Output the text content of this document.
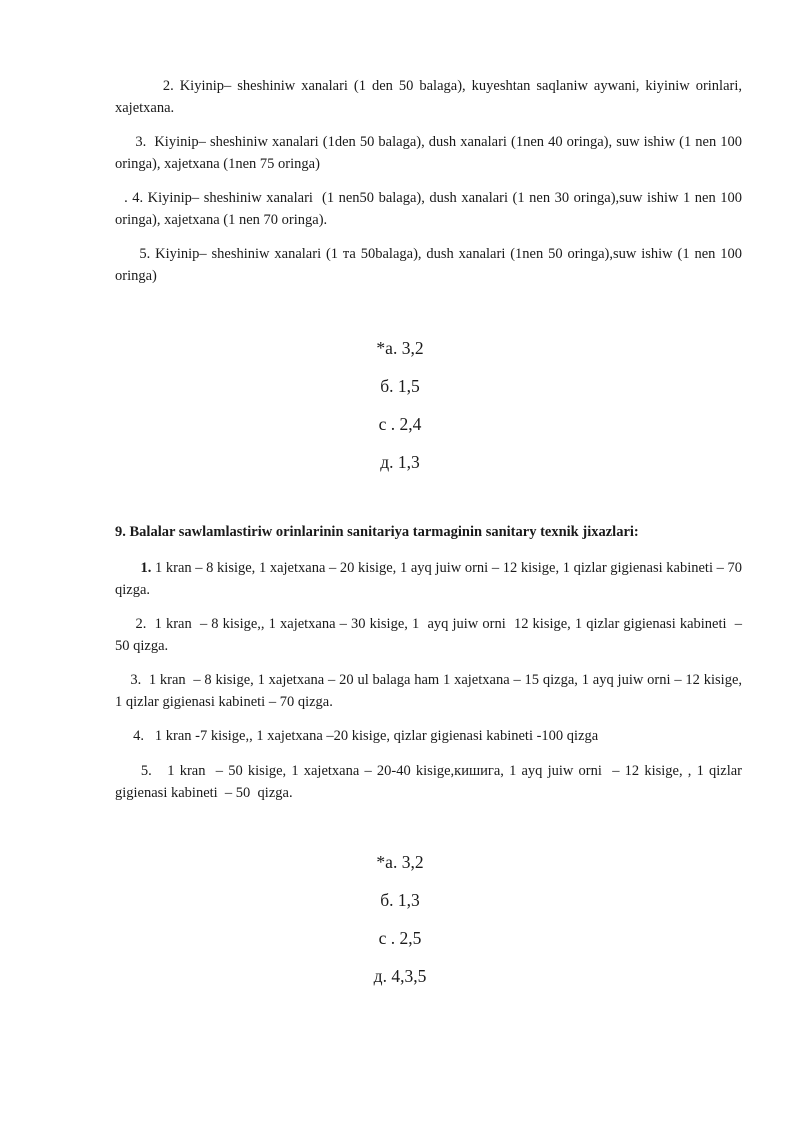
2. Kiyinip– sheshiniw xanalari (1 den 50 balaga), kuyeshtan saqlaniw aywani, kiyiniw orinlari, xajetxana.

3.  Kiyinip– sheshiniw xanalari (1den 50 balaga), dush xanalari (1nen 40 oringa), suw ishiw (1 nen 100 oringa), xajetxana (1nen 75 oringa)

. 4. Kiyinip– sheshiniw xanalari  (1 nen50 balaga), dush xanalari (1 nen 30 oringa),suw ishiw 1 nen 100 oringa), xajetxana (1 nen 70 oringa).

5. Kiyinip– sheshiniw xanalari (1 та 50balaga), dush xanalari (1nen 50 oringa),suw ishiw (1 nen 100 oringa)

*а. 3,2
б. 1,5
с . 2,4
д. 1,3

9. Balalar sawlamlastiriw orinlarinin sanitariya tarmaginin sanitary texnik jixazlari:

1. 1 kran – 8 kisige, 1 xajetxana – 20 kisige, 1 ayq juiw orni – 12 kisige, 1 qizlar gigienasi kabineti – 70  qizga.

2.  1 kran  – 8 kisige,, 1 xajetxana – 30 kisige, 1  ayq juiw orni  12 kisige, 1 qizlar gigienasi kabineti  – 50 qizga.

3.  1 kran  – 8 kisige, 1 xajetxana – 20 ul balaga ham 1 xajetxana – 15 qizga, 1 ayq juiw orni – 12 kisige, 1 qizlar gigienasi kabineti – 70 qizga.

4.   1 kran -7 kisige,, 1 xajetxana –20 kisige, qizlar gigienasi kabineti -100 qizga

5.   1 kran  – 50 kisige, 1 xajetxana – 20-40 kisige,кишига, 1 ayq juiw orni  – 12 kisige, , 1 qizlar gigienasi kabineti  – 50  qizga.

*а. 3,2
б. 1,3
с . 2,5
д. 4,3,5
